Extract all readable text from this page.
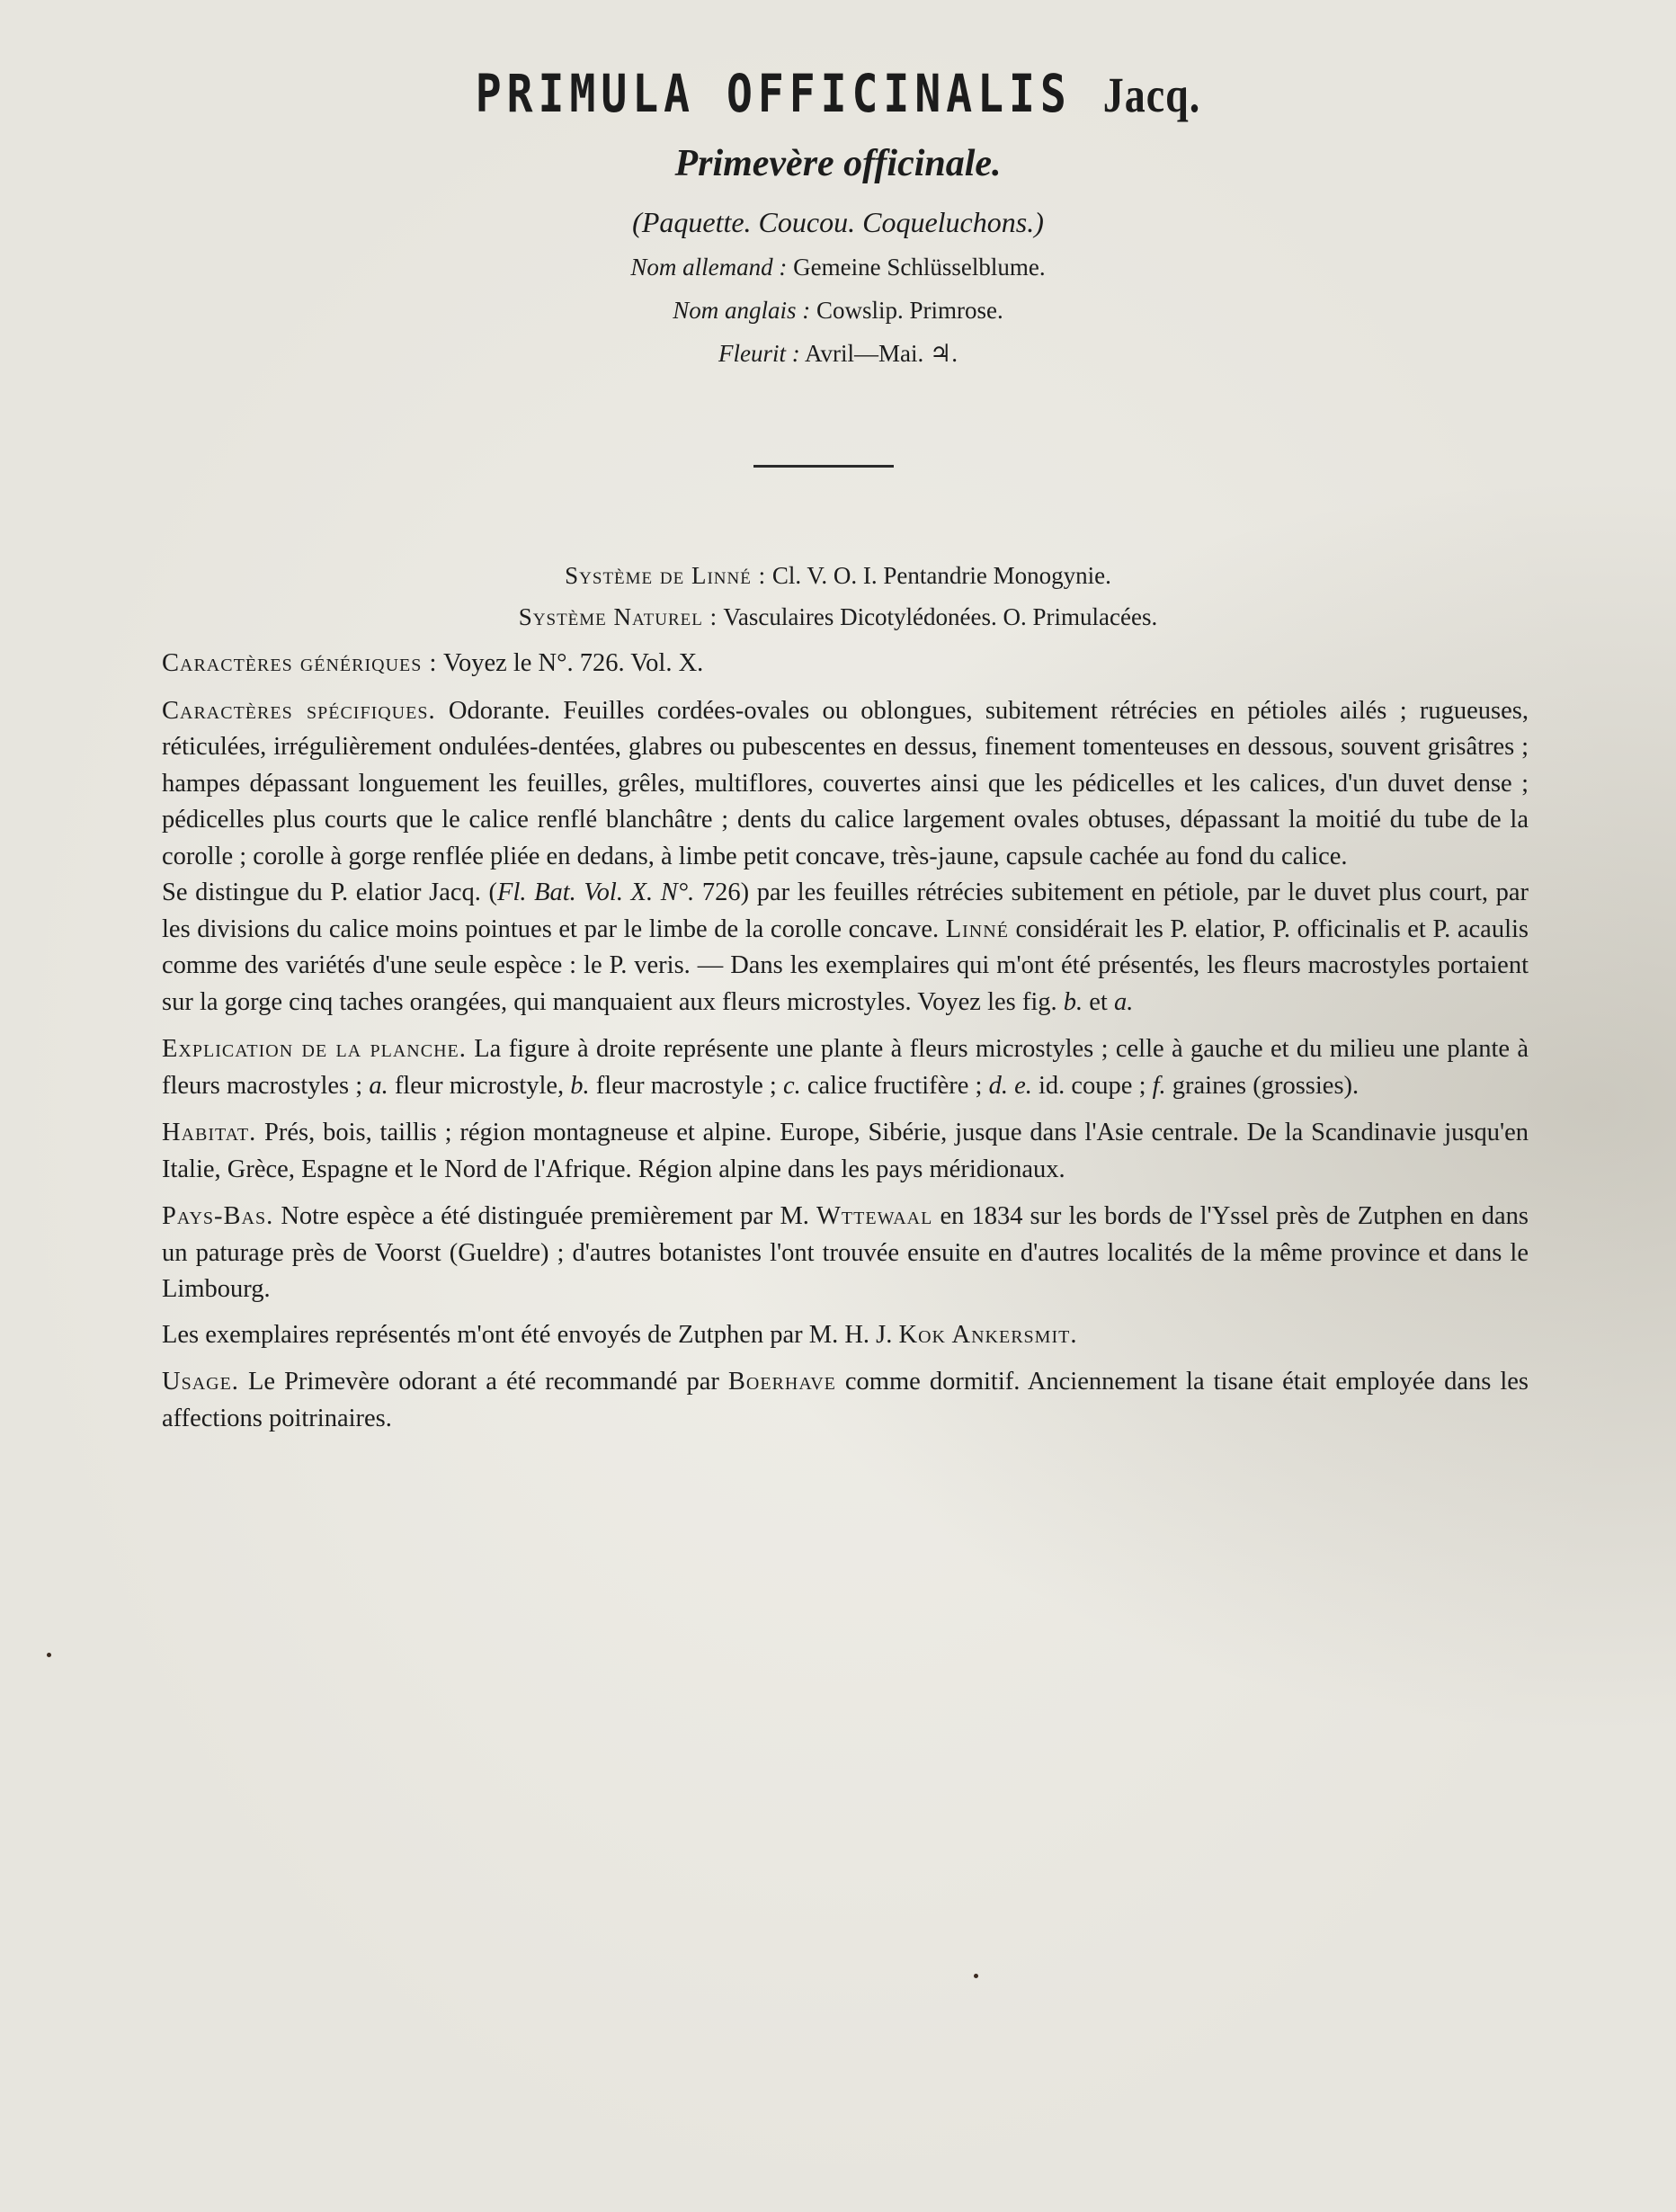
PRIMULA OFFICINALIS Jacq.
Primevère officinale.
(Paquette. Coucou. Coqueluchons.)
Nom allemand : Gemeine Schlüsselblume.
Nom anglais : Cowslip. Primrose.
Fleurit : Avril—Mai. ♃.
Système de Linné : Cl. V. O. I. Pentandrie Monogynie.
Système Naturel : Vasculaires Dicotylédonées. O. Primulacées.

Caractères génériques : Voyez le N°. 726. Vol. X.

Caractères spécifiques. Odorante. Feuilles cordées-ovales ou oblongues, subitement rétrécies en pétioles ailés ; rugueuses, réticulées, irrégulièrement ondulées-dentées, glabres ou pubescentes en dessus, finement tomenteuses en dessous, souvent grisâtres ; hampes dépassant longuement les feuilles, grêles, multiflores, couvertes ainsi que les pédicelles et les calices, d'un duvet dense ; pédicelles plus courts que le calice renflé blanchâtre ; dents du calice largement ovales obtuses, dépassant la moitié du tube de la corolle ; corolle à gorge renflée pliée en dedans, à limbe petit concave, très-jaune, capsule cachée au fond du calice.

Se distingue du P. elatior Jacq. (Fl. Bat. Vol. X. N°. 726) par les feuilles rétrécies subitement en pétiole, par le duvet plus court, par les divisions du calice moins pointues et par le limbe de la corolle concave. Linné considérait les P. elatior, P. officinalis et P. acaulis comme des variétés d'une seule espèce : le P. veris. — Dans les exemplaires qui m'ont été présentés, les fleurs macrostyles portaient sur la gorge cinq taches orangées, qui manquaient aux fleurs microstyles. Voyez les fig. b. et a.

Explication de la planche. La figure à droite représente une plante à fleurs microstyles ; celle à gauche et du milieu une plante à fleurs macrostyles ; a. fleur microstyle, b. fleur macrostyle ; c. calice fructifère ; d. e. id. coupe ; f. graines (grossies).

Habitat. Prés, bois, taillis ; région montagneuse et alpine. Europe, Sibérie, jusque dans l'Asie centrale. De la Scandinavie jusqu'en Italie, Grèce, Espagne et le Nord de l'Afrique. Région alpine dans les pays méridionaux.

Pays-Bas. Notre espèce a été distinguée premièrement par M. Wttewaal en 1834 sur les bords de l'Yssel près de Zutphen en dans un paturage près de Voorst (Gueldre) ; d'autres botanistes l'ont trouvée ensuite en d'autres localités de la même province et dans le Limbourg.

Les exemplaires représentés m'ont été envoyés de Zutphen par M. H. J. Kok Ankersmit.

Usage. Le Primevère odorant a été recommandé par Boerhave comme dormitif. Anciennement la tisane était employée dans les affections poitrinaires.
